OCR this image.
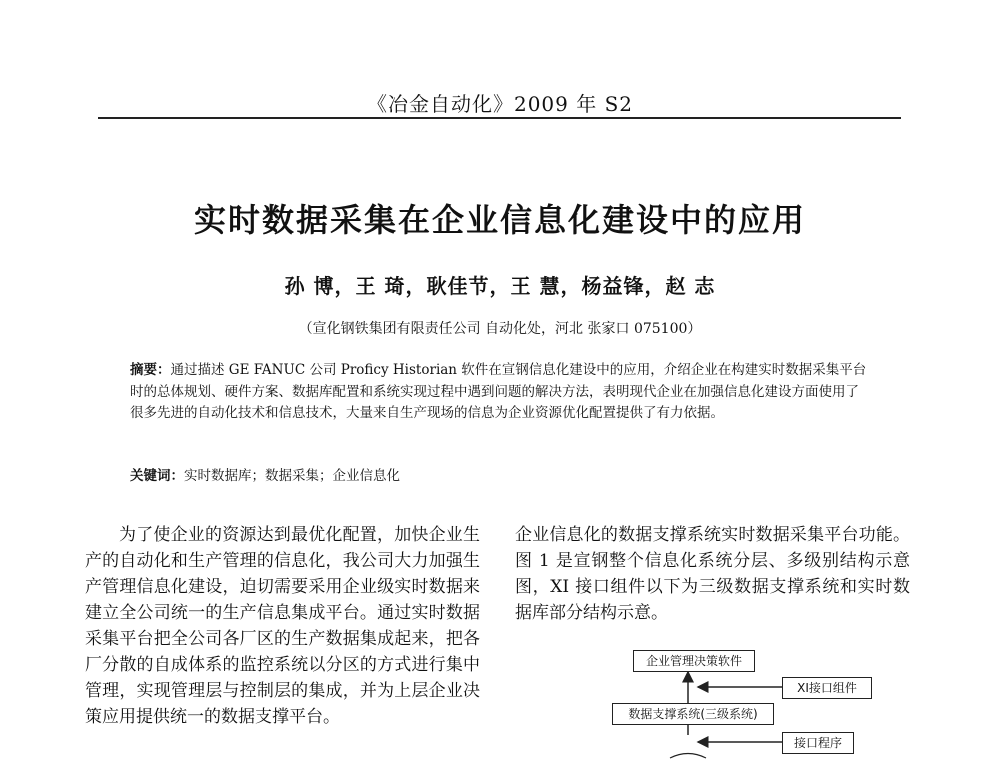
《冶金自动化》2009 年 S2
实时数据采集在企业信息化建设中的应用
孙 博，王 琦，耿佳节，王 慧，杨益锋，赵 志
（宣化钢铁集团有限责任公司 自动化处，河北 张家口 075100）
摘要：通过描述 GE FANUC 公司 Proficy Historian 软件在宣钢信息化建设中的应用，介绍企业在构建实时数据采集平台时的总体规划、硬件方案、数据库配置和系统实现过程中遇到问题的解决方法，表明现代企业在加强信息化建设方面使用了很多先进的自动化技术和信息技术，大量来自生产现场的信息为企业资源优化配置提供了有力依据。
关键词：实时数据库；数据采集；企业信息化
为了使企业的资源达到最优化配置，加快企业生产的自动化和生产管理的信息化，我公司大力加强生产管理信息化建设，迫切需要采用企业级实时数据来建立全公司统一的生产信息集成平台。通过实时数据采集平台把全公司各厂区的生产数据集成起来，把各厂分散的自成体系的监控系统以分区的方式进行集中管理，实现管理层与控制层的集成，并为上层企业决策应用提供统一的数据支撑平台。
企业信息化的数据支撑系统实时数据采集平台功能。图 1 是宣钢整个信息化系统分层、多级别结构示意图，XI 接口组件以下为三级数据支撑系统和实时数据库部分结构示意。
企业管理决策软件
XI接口组件
数据支撑系统(三级系统)
接口程序
